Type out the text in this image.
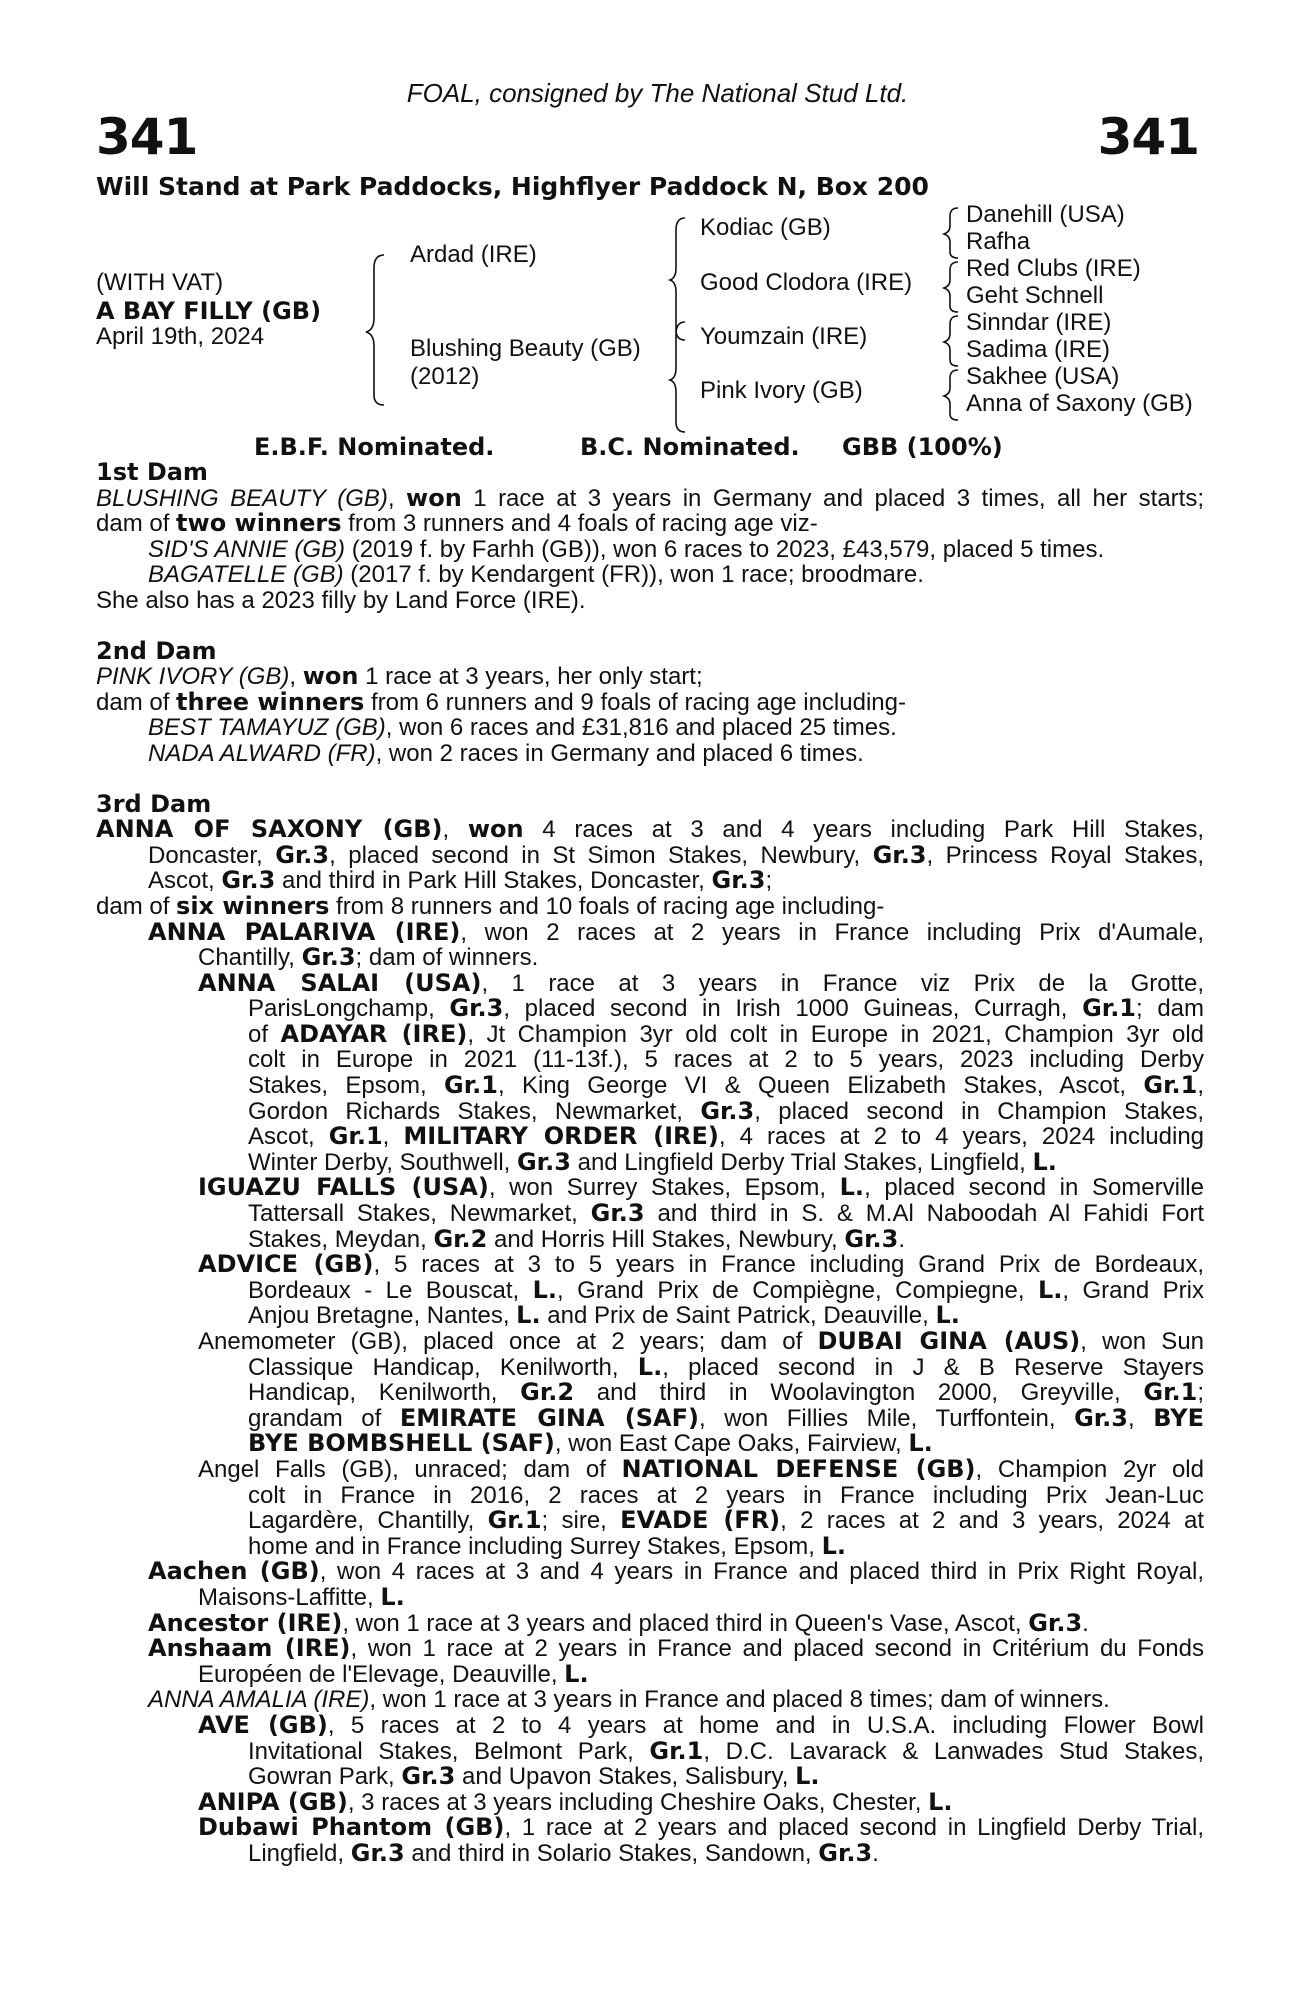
FOAL, consigned by The National Stud Ltd.
341	341
Will Stand at Park Paddocks, Highflyer Paddock N, Box 200
(WITH VAT)
A BAY FILLY (GB)
April 19th, 2024
Ardad (IRE)
Blushing Beauty (GB)
(2012)
Kodiac (GB)
Good Clodora (IRE)
Youmzain (IRE)
Pink Ivory (GB)
Danehill (USA)
Rafha
Red Clubs (IRE)
Geht Schnell
Sinndar (IRE)
Sadima (IRE)
Sakhee (USA)
Anna of Saxony (GB)
E.B.F. Nominated.	B.C. Nominated. GBB (100%)
1st Dam
BLUSHING BEAUTY (GB), won 1 race at 3 years in Germany and placed 3 times, all her starts;
dam of two winners from 3 runners and 4 foals of racing age viz-
SID'S ANNIE (GB) (2019 f. by Farhh (GB)), won 6 races to 2023, £43,579, placed 5 times.
BAGATELLE (GB) (2017 f. by Kendargent (FR)), won 1 race; broodmare.
She also has a 2023 filly by Land Force (IRE).
2nd Dam
PINK IVORY (GB), won 1 race at 3 years, her only start;
dam of three winners from 6 runners and 9 foals of racing age including-
BEST TAMAYUZ (GB), won 6 races and £31,816 and placed 25 times.
NADA ALWARD (FR), won 2 races in Germany and placed 6 times.
3rd Dam
ANNA OF SAXONY (GB), won 4 races at 3 and 4 years including Park Hill Stakes,
Doncaster, Gr.3, placed second in St Simon Stakes, Newbury, Gr.3, Princess Royal Stakes,
Ascot, Gr.3 and third in Park Hill Stakes, Doncaster, Gr.3;
dam of six winners from 8 runners and 10 foals of racing age including-
ANNA PALARIVA (IRE), won 2 races at 2 years in France including Prix d'Aumale,
Chantilly, Gr.3; dam of winners.
ANNA SALAI (USA), 1 race at 3 years in France viz Prix de la Grotte,
ParisLongchamp, Gr.3, placed second in Irish 1000 Guineas, Curragh, Gr.1; dam
of ADAYAR (IRE), Jt Champion 3yr old colt in Europe in 2021, Champion 3yr old
colt in Europe in 2021 (11-13f.), 5 races at 2 to 5 years, 2023 including Derby
Stakes, Epsom, Gr.1, King George VI & Queen Elizabeth Stakes, Ascot, Gr.1,
Gordon Richards Stakes, Newmarket, Gr.3, placed second in Champion Stakes,
Ascot, Gr.1, MILITARY ORDER (IRE), 4 races at 2 to 4 years, 2024 including
Winter Derby, Southwell, Gr.3 and Lingfield Derby Trial Stakes, Lingfield, L.
IGUAZU FALLS (USA), won Surrey Stakes, Epsom, L., placed second in Somerville
Tattersall Stakes, Newmarket, Gr.3 and third in S. & M.Al Naboodah Al Fahidi Fort
Stakes, Meydan, Gr.2 and Horris Hill Stakes, Newbury, Gr.3.
ADVICE (GB), 5 races at 3 to 5 years in France including Grand Prix de Bordeaux,
Bordeaux - Le Bouscat, L., Grand Prix de Compiègne, Compiegne, L., Grand Prix
Anjou Bretagne, Nantes, L. and Prix de Saint Patrick, Deauville, L.
Anemometer (GB), placed once at 2 years; dam of DUBAI GINA (AUS), won Sun
Classique Handicap, Kenilworth, L., placed second in J & B Reserve Stayers
Handicap, Kenilworth, Gr.2 and third in Woolavington 2000, Greyville, Gr.1;
grandam of EMIRATE GINA (SAF), won Fillies Mile, Turffontein, Gr.3, BYE
BYE BOMBSHELL (SAF), won East Cape Oaks, Fairview, L.
Angel Falls (GB), unraced; dam of NATIONAL DEFENSE (GB), Champion 2yr old
colt in France in 2016, 2 races at 2 years in France including Prix Jean-Luc
Lagardère, Chantilly, Gr.1; sire, EVADE (FR), 2 races at 2 and 3 years, 2024 at
home and in France including Surrey Stakes, Epsom, L.
Aachen (GB), won 4 races at 3 and 4 years in France and placed third in Prix Right Royal,
Maisons-Laffitte, L.
Ancestor (IRE), won 1 race at 3 years and placed third in Queen's Vase, Ascot, Gr.3.
Anshaam (IRE), won 1 race at 2 years in France and placed second in Critérium du Fonds
Européen de l'Elevage, Deauville, L.
ANNA AMALIA (IRE), won 1 race at 3 years in France and placed 8 times; dam of winners.
AVE (GB), 5 races at 2 to 4 years at home and in U.S.A. including Flower Bowl
Invitational Stakes, Belmont Park, Gr.1, D.C. Lavarack & Lanwades Stud Stakes,
Gowran Park, Gr.3 and Upavon Stakes, Salisbury, L.
ANIPA (GB), 3 races at 3 years including Cheshire Oaks, Chester, L.
Dubawi Phantom (GB), 1 race at 2 years and placed second in Lingfield Derby Trial,
Lingfield, Gr.3 and third in Solario Stakes, Sandown, Gr.3.
